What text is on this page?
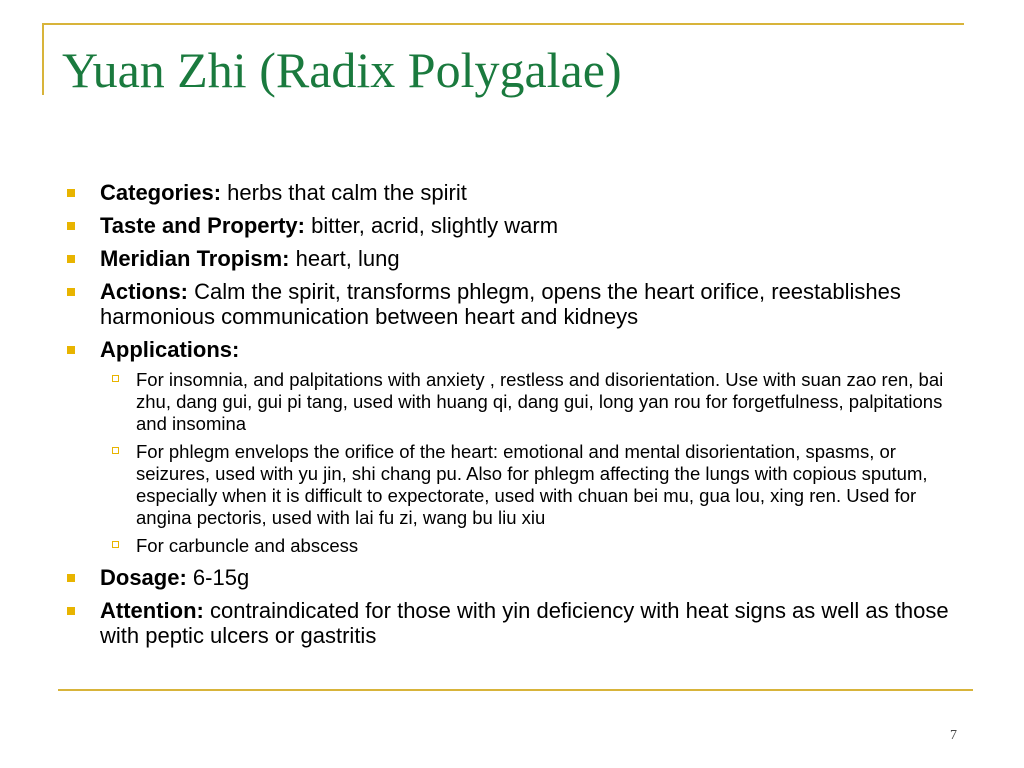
Yuan Zhi (Radix Polygalae)
Categories: herbs that calm the spirit
Taste and Property: bitter, acrid, slightly warm
Meridian Tropism: heart, lung
Actions: Calm the spirit, transforms phlegm, opens the heart orifice, reestablishes harmonious communication between heart and kidneys
Applications:
For insomnia, and palpitations with anxiety , restless and disorientation. Use with suan zao ren, bai zhu, dang gui, gui pi tang, used with huang qi, dang gui, long yan rou for forgetfulness, palpitations and insomina
For phlegm envelops the orifice of the heart: emotional and mental disorientation, spasms, or seizures, used with yu jin, shi chang pu. Also for phlegm affecting the lungs with copious sputum, especially when it is difficult to expectorate, used with chuan bei mu, gua lou, xing ren. Used for angina pectoris, used with lai fu zi, wang bu liu xiu
For carbuncle and abscess
Dosage: 6-15g
Attention: contraindicated for those with yin deficiency with heat signs as well as those with peptic ulcers or gastritis
7
